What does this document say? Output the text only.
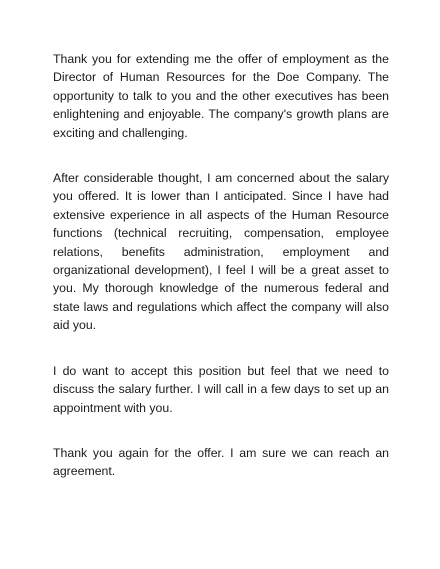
Thank you for extending me the offer of employment as the Director of Human Resources for the Doe Company. The opportunity to talk to you and the other executives has been enlightening and enjoyable. The company's growth plans are exciting and challenging.

After considerable thought, I am concerned about the salary you offered. It is lower than I anticipated. Since I have had extensive experience in all aspects of the Human Resource functions (technical recruiting, compensation, employee relations, benefits administration, employment and organizational development), I feel I will be a great asset to you. My thorough knowledge of the numerous federal and state laws and regulations which affect the company will also aid you.

I do want to accept this position but feel that we need to discuss the salary further. I will call in a few days to set up an appointment with you.

Thank you again for the offer. I am sure we can reach an agreement.
